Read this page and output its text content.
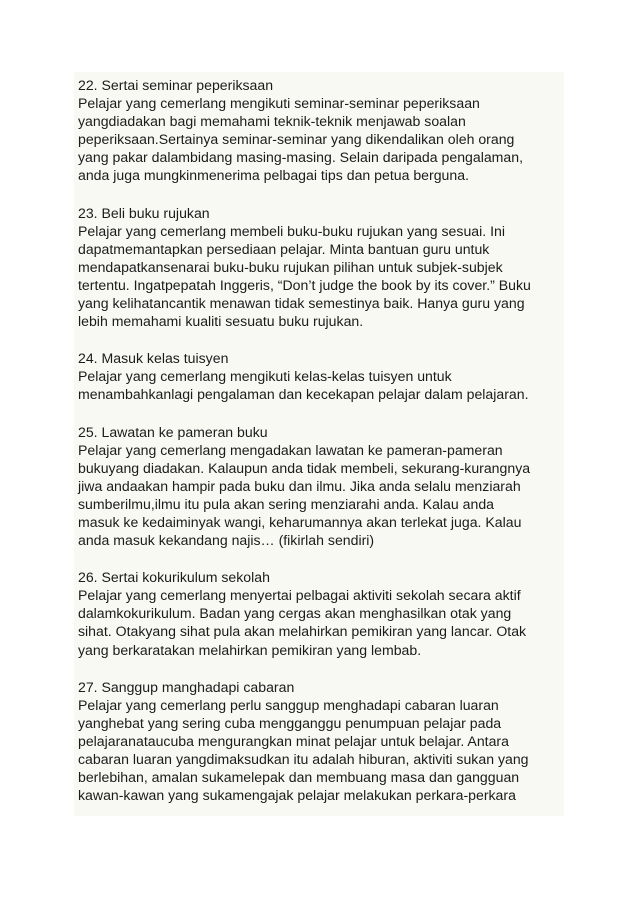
22. Sertai seminar peperiksaan
Pelajar yang cemerlang mengikuti seminar-seminar peperiksaan
yangdiadakan bagi memahami teknik-teknik menjawab soalan
peperiksaan.Sertainya seminar-seminar yang dikendalikan oleh orang
yang pakar dalambidang masing-masing. Selain daripada pengalaman,
anda juga mungkinmenerima pelbagai tips dan petua berguna.
23. Beli buku rujukan
Pelajar yang cemerlang membeli buku-buku rujukan yang sesuai. Ini
dapatmemantapkan persediaan pelajar. Minta bantuan guru untuk
mendapatkansenarai buku-buku rujukan pilihan untuk subjek-subjek
tertentu. Ingatpepatah Inggeris, “Don’t judge the book by its cover.” Buku
yang kelihatancantik menawan tidak semestinya baik. Hanya guru yang
lebih memahami kualiti sesuatu buku rujukan.
24. Masuk kelas tuisyen
Pelajar yang cemerlang mengikuti kelas-kelas tuisyen untuk
menambahkanlagi pengalaman dan kecekapan pelajar dalam pelajaran.
25. Lawatan ke pameran buku
Pelajar yang cemerlang mengadakan lawatan ke pameran-pameran
bukuyang diadakan. Kalaupun anda tidak membeli, sekurang-kurangnya
jiwa andaakan hampir pada buku dan ilmu. Jika anda selalu menziarah
sumberilmu,ilmu itu pula akan sering menziarahi anda. Kalau anda
masuk ke kedaiminyak wangi, keharumannya akan terlekat juga. Kalau
anda masuk kekandang najis… (fikirlah sendiri)
26. Sertai kokurikulum sekolah
Pelajar yang cemerlang menyertai pelbagai aktiviti sekolah secara aktif
dalamkokurikulum. Badan yang cergas akan menghasilkan otak yang
sihat. Otakyang sihat pula akan melahirkan pemikiran yang lancar. Otak
yang berkaratakan melahirkan pemikiran yang lembab.
27. Sanggup manghadapi cabaran
Pelajar yang cemerlang perlu sanggup menghadapi cabaran luaran
yanghebat yang sering cuba mengganggu penumpuan pelajar pada
pelajaranataucuba mengurangkan minat pelajar untuk belajar. Antara
cabaran luaran yangdimaksudkan itu adalah hiburan, aktiviti sukan yang
berlebihan, amalan sukamelepak dan membuang masa dan gangguan
kawan-kawan yang sukamengajak pelajar melakukan perkara-perkara
